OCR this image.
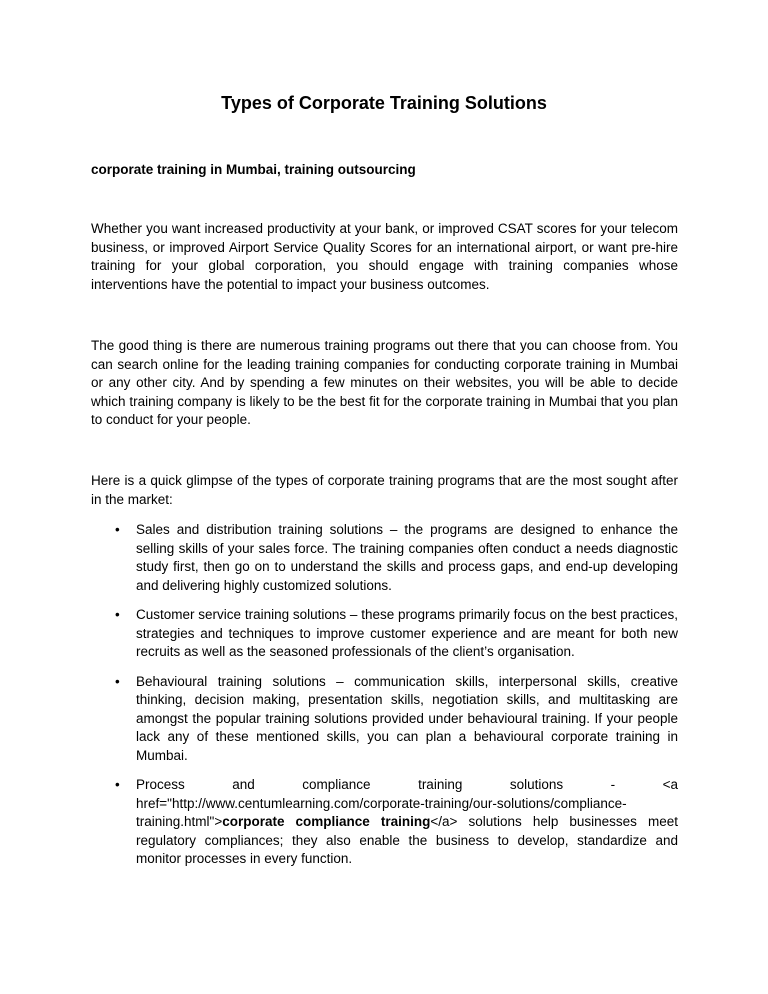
Types of Corporate Training Solutions

corporate training in Mumbai, training outsourcing

Whether you want increased productivity at your bank, or improved CSAT scores for your telecom business, or improved Airport Service Quality Scores for an international airport, or want pre-hire training for your global corporation, you should engage with training companies whose interventions have the potential to impact your business outcomes.

The good thing is there are numerous training programs out there that you can choose from. You can search online for the leading training companies for conducting corporate training in Mumbai or any other city. And by spending a few minutes on their websites, you will be able to decide which training company is likely to be the best fit for the corporate training in Mumbai that you plan to conduct for your people.

Here is a quick glimpse of the types of corporate training programs that are the most sought after in the market:

• Sales and distribution training solutions – the programs are designed to enhance the selling skills of your sales force. The training companies often conduct a needs diagnostic study first, then go on to understand the skills and process gaps, and end-up developing and delivering highly customized solutions.
• Customer service training solutions – these programs primarily focus on the best practices, strategies and techniques to improve customer experience and are meant for both new recruits as well as the seasoned professionals of the client’s organisation.
• Behavioural training solutions – communication skills, interpersonal skills, creative thinking, decision making, presentation skills, negotiation skills, and multitasking are amongst the popular training solutions provided under behavioural training. If your people lack any of these mentioned skills, you can plan a behavioural corporate training in Mumbai.
• Process	and	compliance	training	solutions	-	<a
href="http://www.centumlearning.com/corporate-training/our-solutions/compliance-
training.html">corporate compliance training</a> solutions help businesses meet regulatory compliances; they also enable the business to develop, standardize and monitor processes in every function.
